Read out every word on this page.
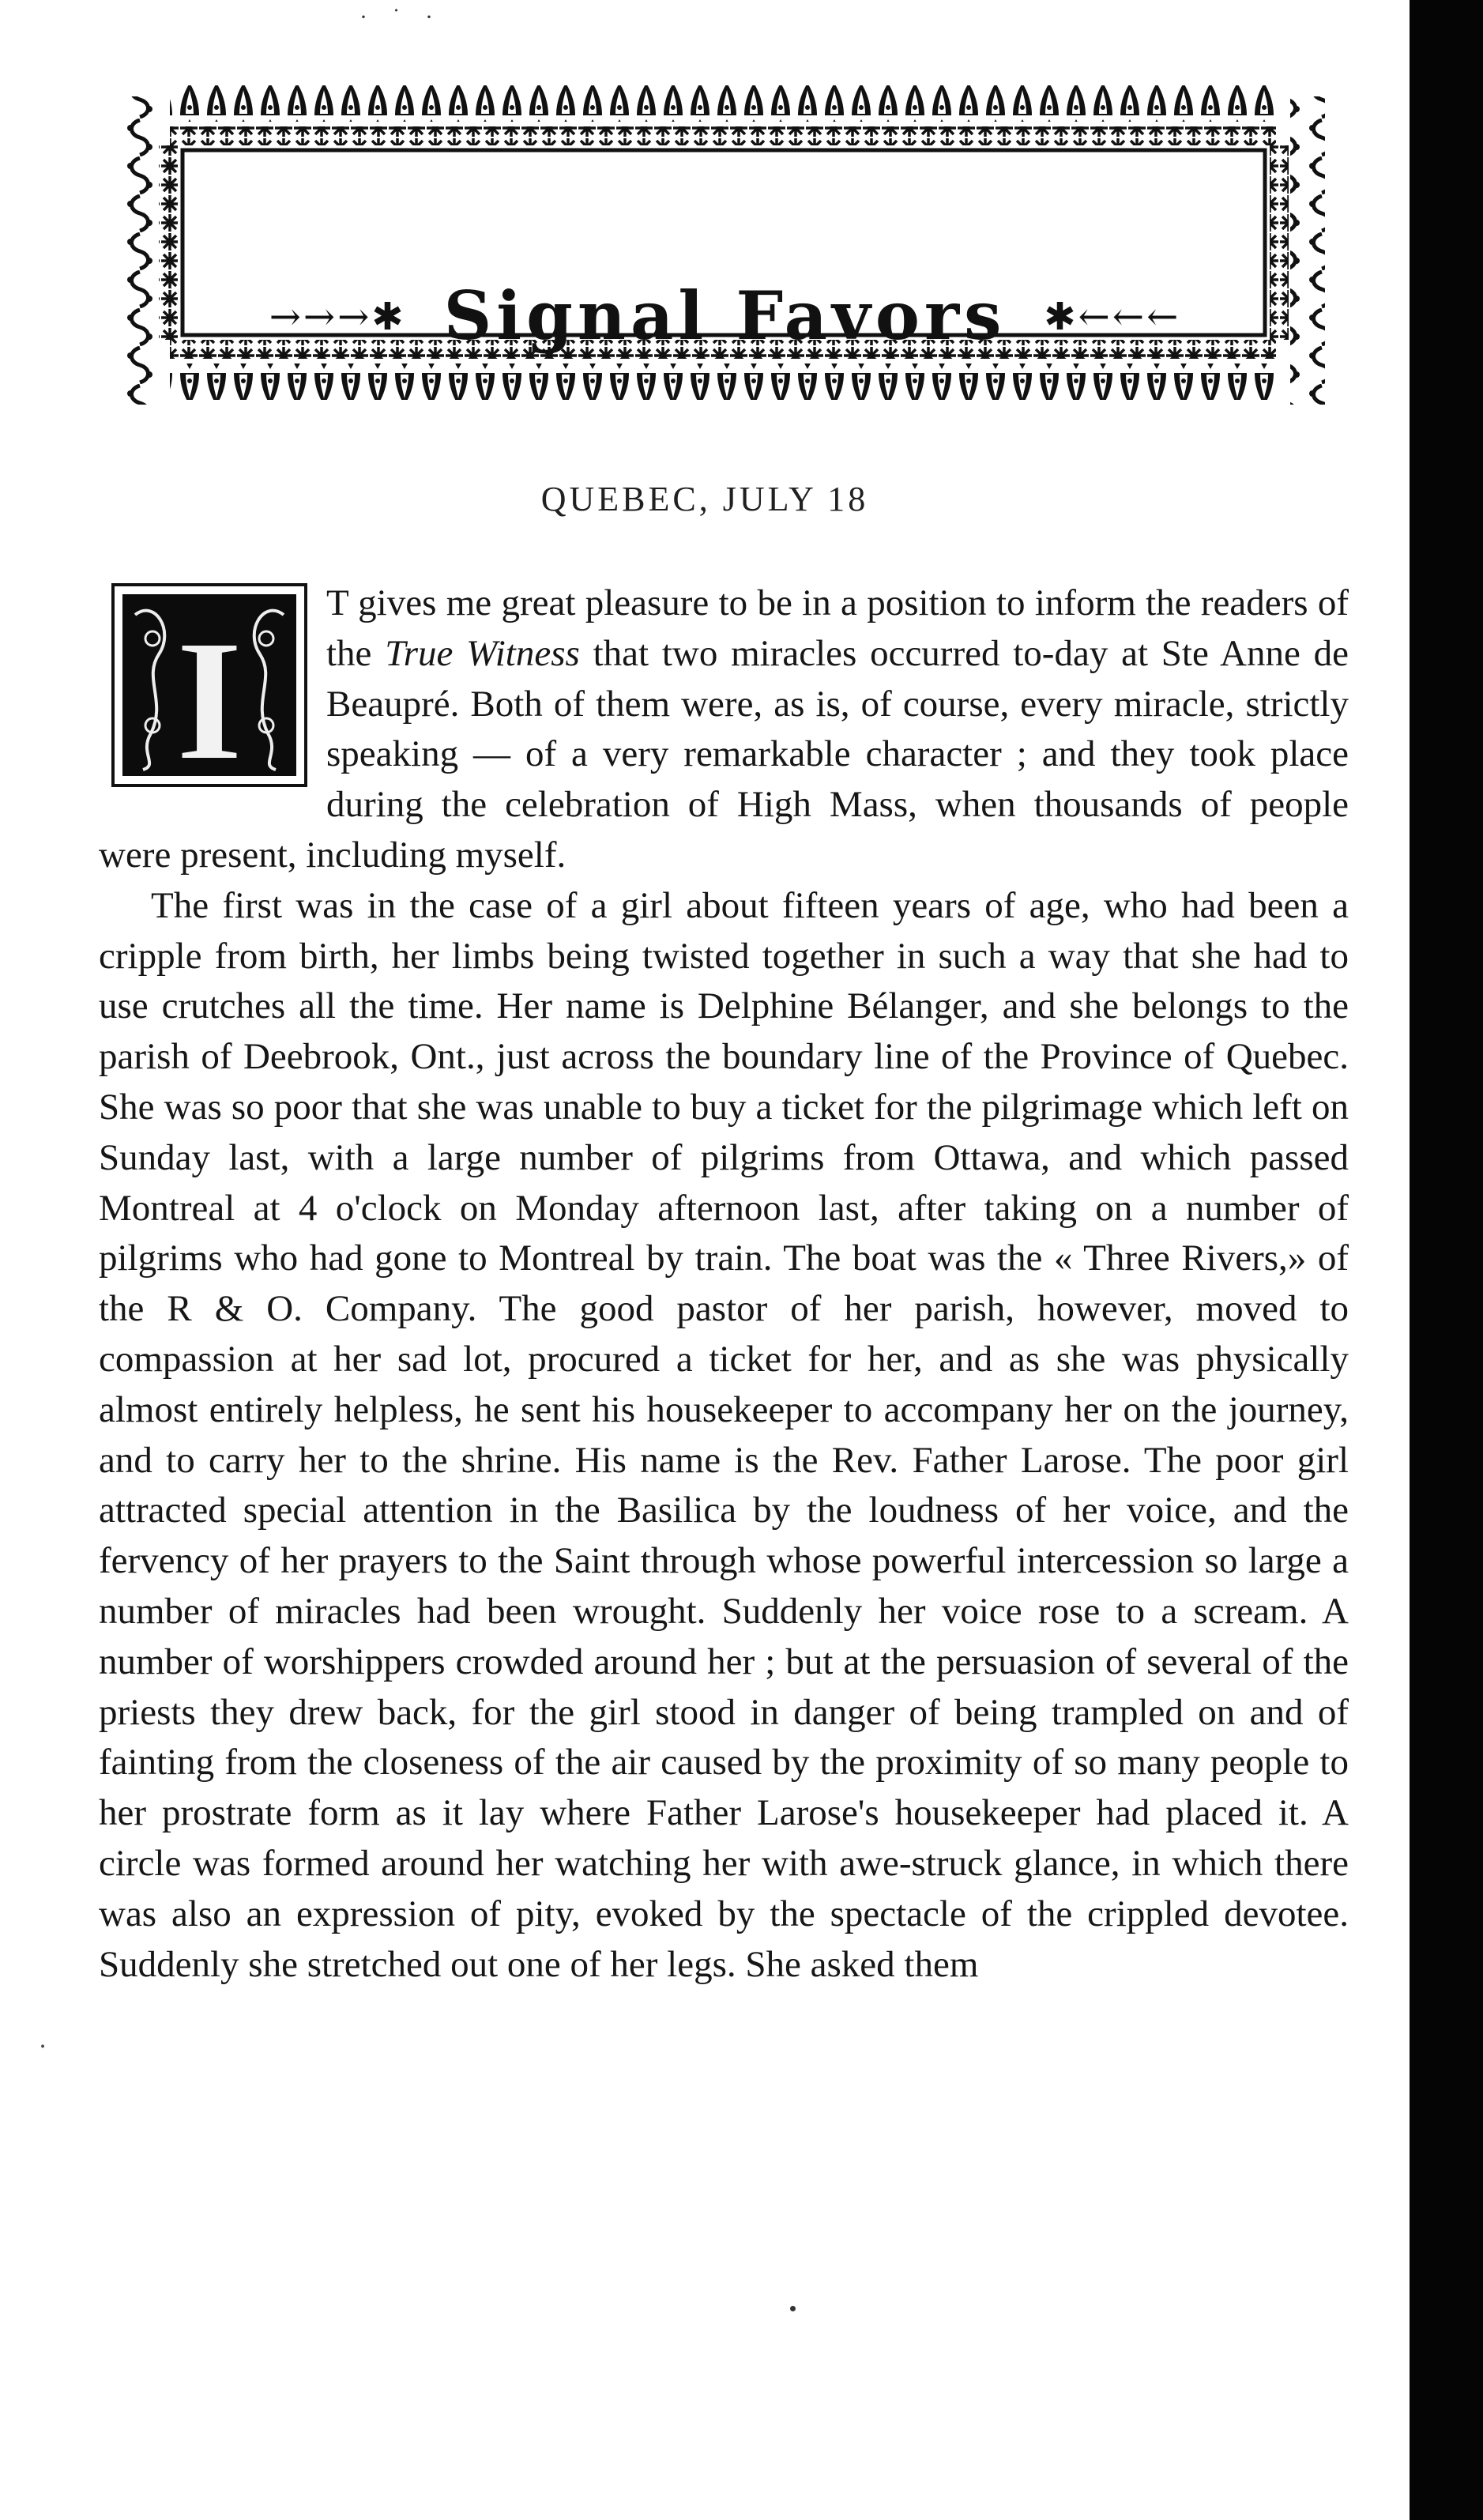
· ˙ ·
→→→✱ Signal Favors ✱←←←
QUEBEC, JULY 18
I

T gives me great pleasure to be in a position to inform the readers of the True Witness that two miracles occurred to-day at Ste Anne de Beaupré. Both of them were, as is, of course, every miracle, strictly speaking — of a very remarkable character ; and they took place during the celebration of High Mass, when thousands of people were present, including myself.

The first was in the case of a girl about fifteen years of age, who had been a cripple from birth, her limbs being twisted together in such a way that she had to use crutches all the time. Her name is Delphine Bélanger, and she belongs to the parish of Deebrook, Ont., just across the boundary line of the Province of Quebec. She was so poor that she was unable to buy a ticket for the pilgrimage which left on Sunday last, with a large number of pilgrims from Ottawa, and which passed Montreal at 4 o'clock on Monday afternoon last, after taking on a number of pilgrims who had gone to Montreal by train. The boat was the « Three Rivers,» of the R & O. Company. The good pastor of her parish, however, moved to compassion at her sad lot, procured a ticket for her, and as she was physically almost entirely helpless, he sent his housekeeper to accompany her on the journey, and to carry her to the shrine. His name is the Rev. Father Larose. The poor girl attracted special attention in the Basilica by the loudness of her voice, and the fervency of her prayers to the Saint through whose powerful intercession so large a number of miracles had been wrought. Suddenly her voice rose to a scream. A number of worshippers crowded around her ; but at the persuasion of several of the priests they drew back, for the girl stood in danger of being trampled on and of fainting from the closeness of the air caused by the proximity of so many people to her prostrate form as it lay where Father Larose's housekeeper had placed it. A circle was formed around her watching her with awe-struck glance, in which there was also an expression of pity, evoked by the spectacle of the crippled devotee. Suddenly she stretched out one of her legs. She asked them

⸱
